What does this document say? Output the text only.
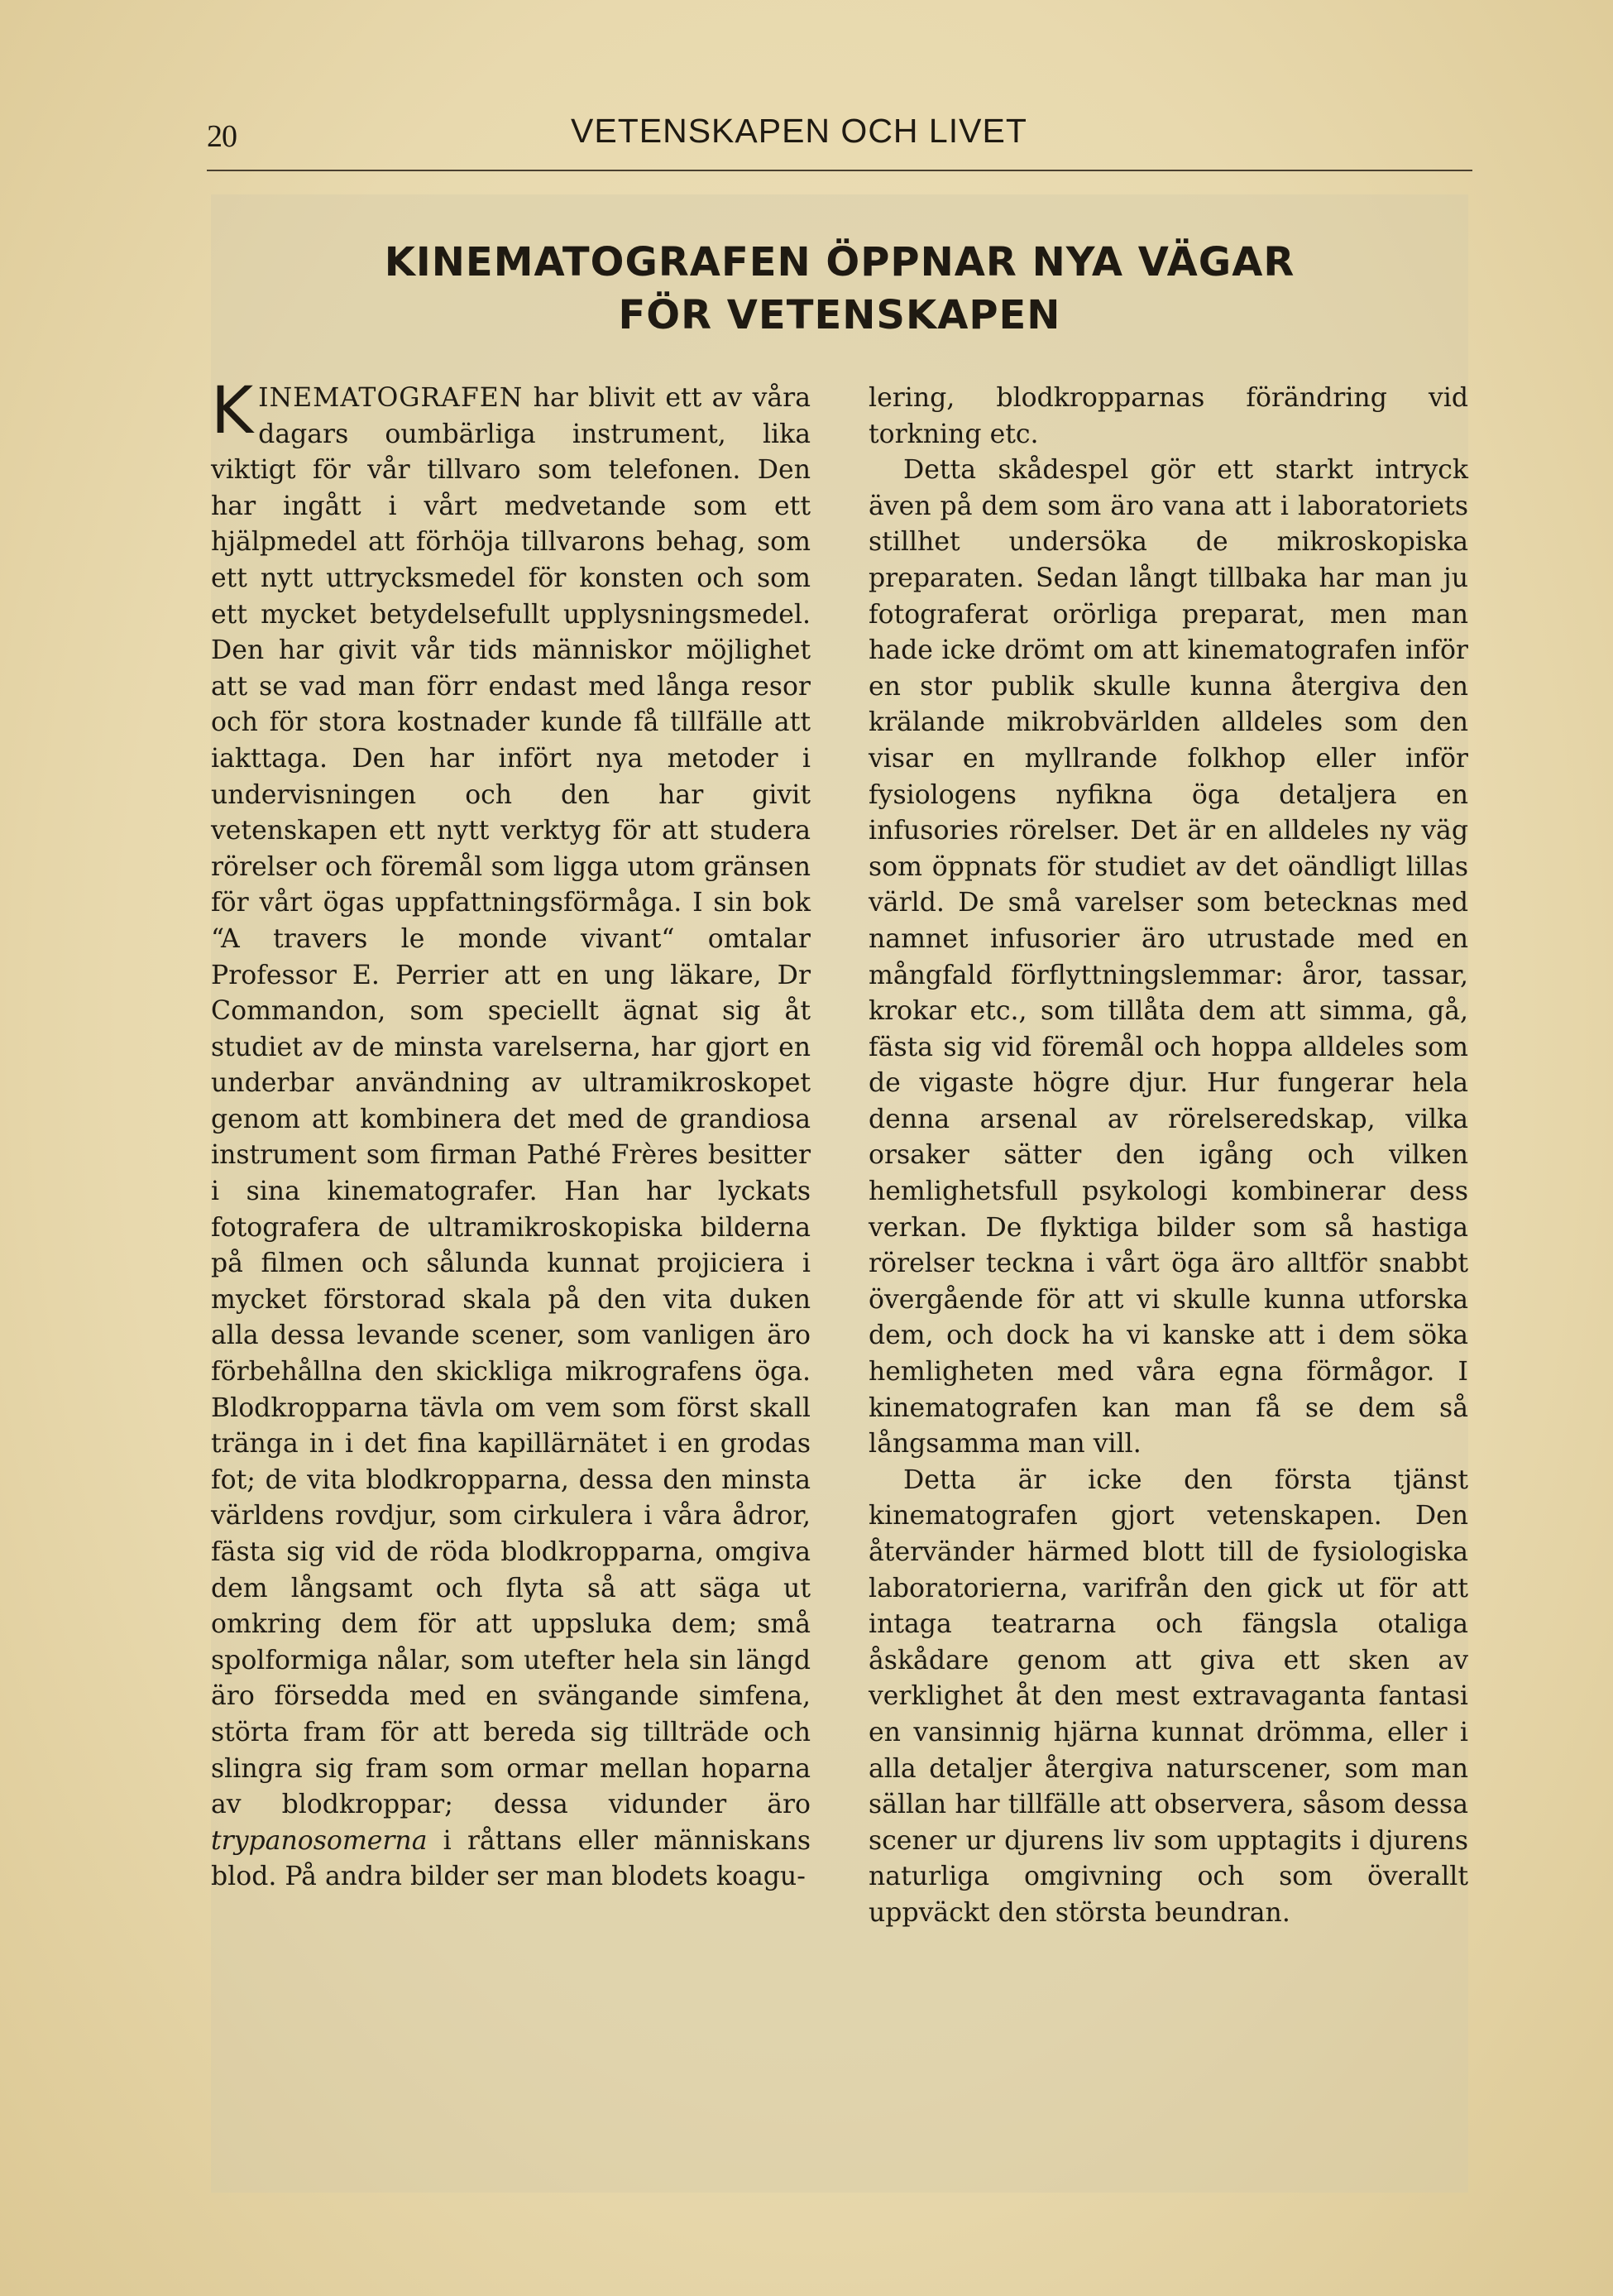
20	VETENSKAPEN OCH LIVET
KINEMATOGRAFEN ÖPPNAR NYA VÄGAR
FÖR VETENSKAPEN

KINEMATOGRAFEN har blivit ett av våra dagars oumbärliga instrument, lika viktigt för vår tillvaro som telefonen. Den har ingått i vårt medvetande som ett hjälpmedel att förhöja tillvarons behag, som ett nytt uttrycksmedel för konsten och som ett mycket betydelsefullt upplysningsmedel. Den har givit vår tids människor möjlighet att se vad man förr endast med långa resor och för stora kostnader kunde få tillfälle att iakttaga. Den har infört nya metoder i undervisningen och den har givit vetenskapen ett nytt verktyg för att studera rörelser och föremål som ligga utom gränsen för vårt ögas uppfattningsförmåga. I sin bok “A travers le monde vivant“ omtalar Professor E. Perrier att en ung läkare, Dr Commandon, som speciellt ägnat sig åt studiet av de minsta varelserna, har gjort en underbar användning av ultramikroskopet genom att kombinera det med de grandiosa instrument som firman Pathé Frères besitter i sina kinematografer. Han har lyckats fotografera de ultramikroskopiska bilderna på filmen och sålunda kunnat projiciera i mycket förstorad skala på den vita duken alla dessa levande scener, som vanligen äro förbehållna den skickliga mikrografens öga. Blodkropparna tävla om vem som först skall tränga in i det fina kapillärnätet i en grodas fot; de vita blodkropparna, dessa den minsta världens rovdjur, som cirkulera i våra ådror, fästa sig vid de röda blodkropparna, omgiva dem långsamt och flyta så att säga ut omkring dem för att uppsluka dem; små spolformiga nålar, som utefter hela sin längd äro försedda med en svängande simfena, störta fram för att bereda sig tillträde och slingra sig fram som ormar mellan hoparna av blodkroppar; dessa vidunder äro trypanosomerna i råttans eller människans blod. På andra bilder ser man blodets koagu-

lering, blodkropparnas förändring vid torkning etc.

Detta skådespel gör ett starkt intryck även på dem som äro vana att i laboratoriets stillhet undersöka de mikroskopiska preparaten. Sedan långt tillbaka har man ju fotograferat orörliga preparat, men man hade icke drömt om att kinematografen inför en stor publik skulle kunna återgiva den krälande mikrobvärlden alldeles som den visar en myllrande folkhop eller inför fysiologens nyfikna öga detaljera en infusories rörelser. Det är en alldeles ny väg som öppnats för studiet av det oändligt lillas värld. De små varelser som betecknas med namnet infusorier äro utrustade med en mångfald förflyttningslemmar: åror, tassar, krokar etc., som tillåta dem att simma, gå, fästa sig vid föremål och hoppa alldeles som de vigaste högre djur. Hur fungerar hela denna arsenal av rörelseredskap, vilka orsaker sätter den igång och vilken hemlighetsfull psykologi kombinerar dess verkan. De flyktiga bilder som så hastiga rörelser teckna i vårt öga äro alltför snabbt övergående för att vi skulle kunna utforska dem, och dock ha vi kanske att i dem söka hemligheten med våra egna förmågor. I kinematografen kan man få se dem så långsamma man vill.

Detta är icke den första tjänst kinematografen gjort vetenskapen. Den återvänder härmed blott till de fysiologiska laboratorierna, varifrån den gick ut för att intaga teatrarna och fängsla otaliga åskådare genom att giva ett sken av verklighet åt den mest extravaganta fantasi en vansinnig hjärna kunnat drömma, eller i alla detaljer återgiva naturscener, som man sällan har tillfälle att observera, såsom dessa scener ur djurens liv som upptagits i djurens naturliga omgivning och som överallt uppväckt den största beundran.
